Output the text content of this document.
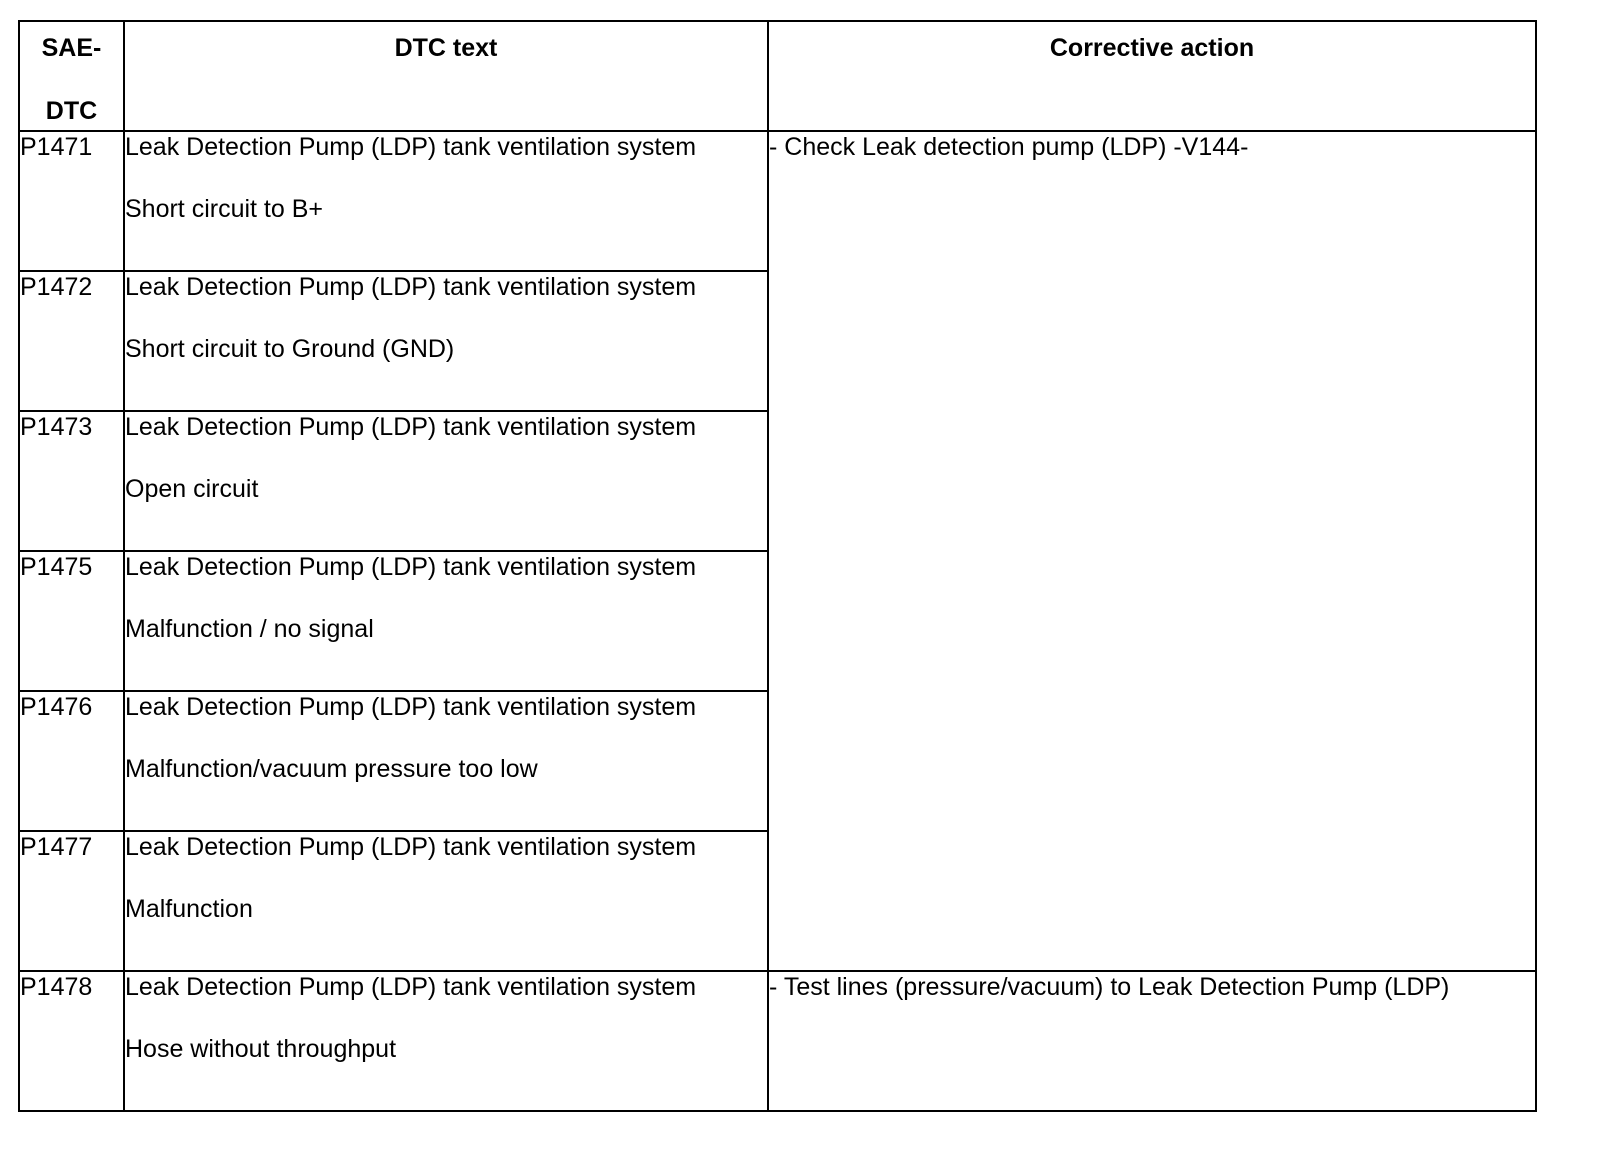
SAE-
DTC	DTC text	Corrective action

P1471	Leak Detection Pump (LDP) tank ventilation system
Short circuit to B+	- Check Leak detection pump (LDP) -V144-
P1472	Leak Detection Pump (LDP) tank ventilation system
Short circuit to Ground (GND)	

P1473	Leak Detection Pump (LDP) tank ventilation system
Open circuit	

P1475	Leak Detection Pump (LDP) tank ventilation system
Malfunction / no signal	

P1476	Leak Detection Pump (LDP) tank ventilation system
Malfunction/vacuum pressure too low	

P1477	Leak Detection Pump (LDP) tank ventilation system
Malfunction	

P1478	Leak Detection Pump (LDP) tank ventilation system
Hose without throughput	- Test lines (pressure/vacuum) to Leak Detection Pump (LDP)
